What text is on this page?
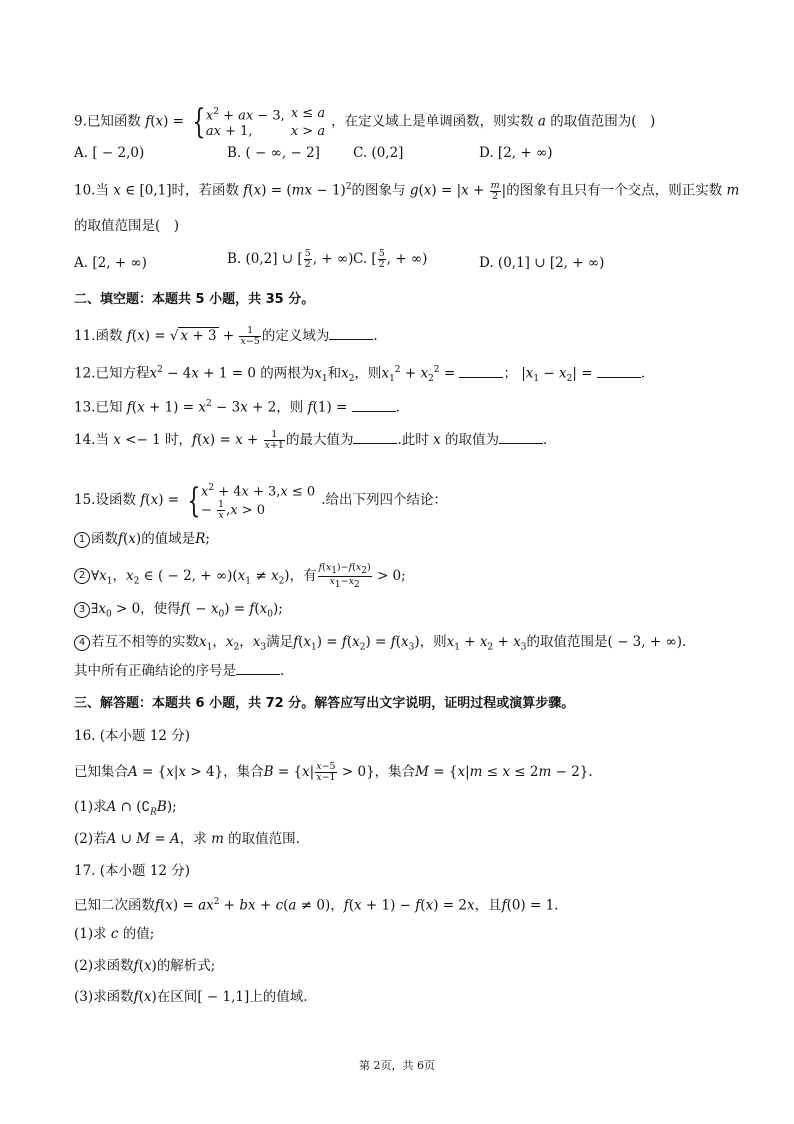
9.已知函数 f(x) = { $x^2$ + ax − 3,	x ≤ a
ax + 1,	x > a，在定义域上是单调函数，则实数 a 的取值范围为(　)
A. [ − 2,0)	B. ( − ∞, − 2] C. (0,2]	D. [2, + ∞)
10.当 x ∈ [0,1]时，若函数 f(x) = (mx − 1)$^2$的图象与 $g(x) = |x + \frac{m}{2}$ |的图象有且只有一个交点，则正实数 m
的取值范围是(　)
A. [2, + ∞)	B. (0,2] ∪ [ $\frac{5}{2}$ , + ∞) C. [ $\frac{5}{2}$ , + ∞)	D. (0,1] ∪ [2, + ∞)
二、填空题：本题共 5 小题，共 35 分。
11.函数 f(x) = √ $x + 3 + \frac{1}{x-5}$ 的定义域为	.
12.已知方程$x^2 - 4x + 1 = 0$ 的两根为$x_1$和$x_2$，则$x_1^2 + x_2^2$ =	； $|x_1 - x_2|$ =	.
13.已知 $f(x + 1) = x^2 - 3x + 2$，则 f(1) =	.
14.当 x <− 1 时，$f(x) = x + \frac{1}{x+1}$ 的最大值为	.此时 x 的取值为	.
15.设函数 f(x) = { $x^2 + 4x + 3,x \le 0$
− $\frac{1}{x} ,x > 0$.给出下列四个结论：
1 函数f(x)的值域是R;
2 $\forall x_1$，$x_2$ ∈ ( − 2, + $\infty)(x_1 \ne x_2)$，有 $\frac{f(x_1)-f(x_2)}{x_1-x_2} > 0$;
3 $\exists x_0 > 0$，使得$f( - x_0) = f(x_0)$;
4 若互不相等的实数$x_1$，$x_2$，$x_3$满足$f(x_1) = f(x_2) = f(x_3)$，则$x_1 + x_2 + x_3$的取值范围是( − 3, + ∞).
其中所有正确结论的序号是	.
三、解答题：本题共 6 小题，共 72 分。解答应写出文字说明，证明过程或演算步骤。
16. (本小题 12 分)
已知集合A = {x|x > 4}，集合$B = \{x| \frac{x-5}{x-1} > 0\}$，集合M = {x|m ≤ x ≤ 2m − 2}.
(1)求A ∩ $(∁_RB)$;
(2)若A ∪ M = A，求 m 的取值范围.
17. (本小题 12 分)
已知二次函数$f(x) = ax^2$ + bx + c(a ≠ 0)，f(x + 1) − f(x) = 2x，且f(0) = 1.
(1)求 c 的值;
(2)求函数f(x)的解析式;
(3)求函数f(x)在区间[ − 1,1]上的值域.
第 2页，共 6页
